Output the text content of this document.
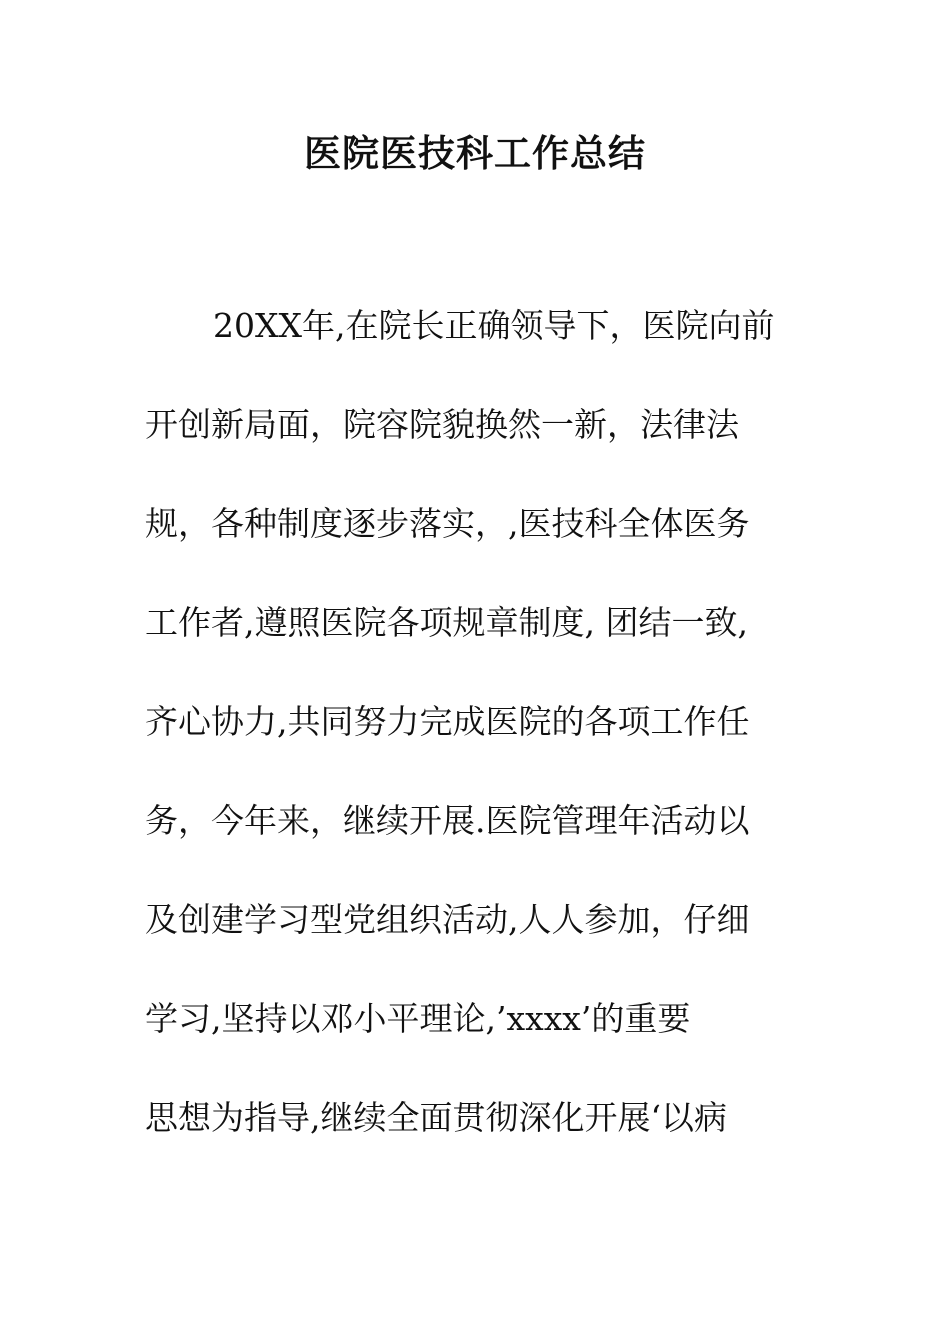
医院医技科工作总结
20XX年,在院长正确领导下，医院向前
开创新局面，院容院貌换然一新，法律法
规，各种制度逐步落实，,医技科全体医务
工作者,遵照医院各项规章制度, 团结一致,
齐心协力,共同努力完成医院的各项工作任
务，今年来，继续开展.医院管理年活动以
及创建学习型党组织活动,人人参加，仔细
学习,坚持以邓小平理论,’xxxx’的重要
思想为指导,继续全面贯彻深化开展‘以病
